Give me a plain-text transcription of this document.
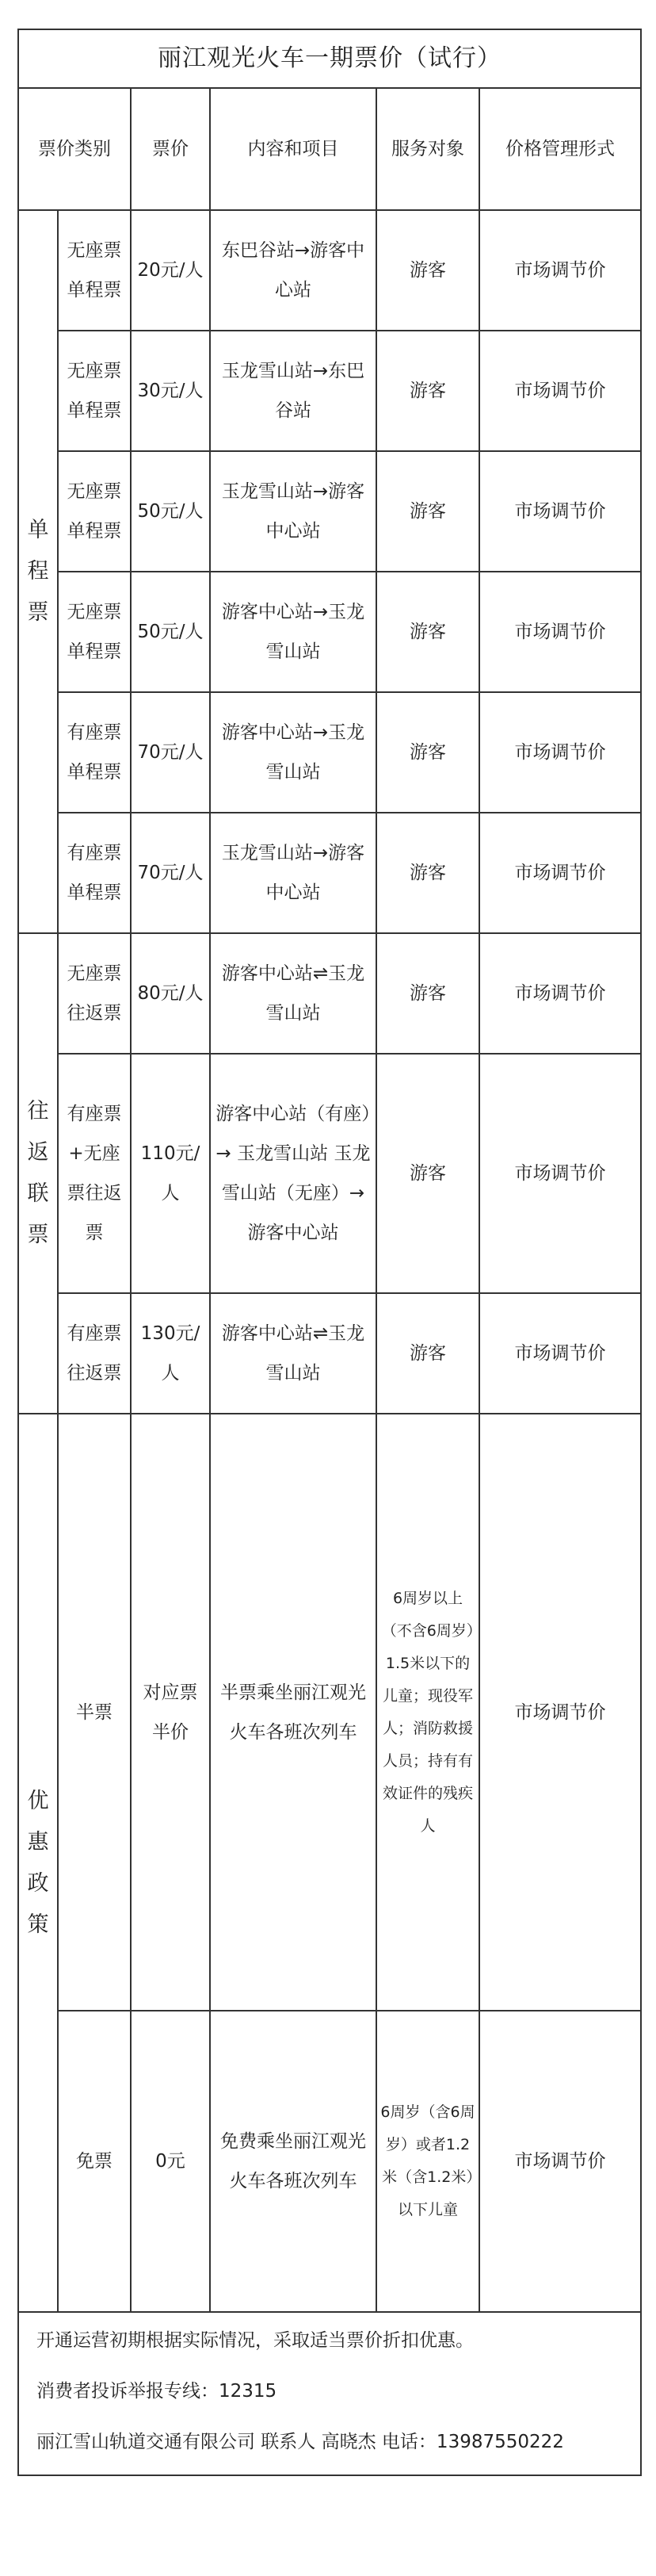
丽江观光火车一期票价（试行）					
票价类别		票价	内容和项目	服务对象	价格管理形式

单
程
票	无座票单程票	20元/人	东巴谷站→游客中心站	游客	市场调节价
	无座票单程票	30元/人	玉龙雪山站→东巴谷站	游客	市场调节价
	无座票单程票	50元/人	玉龙雪山站→游客中心站	游客	市场调节价
	无座票单程票	50元/人	游客中心站→玉龙雪山站	游客	市场调节价
	有座票单程票	70元/人	游客中心站→玉龙雪山站	游客	市场调节价
	有座票单程票	70元/人	玉龙雪山站→游客中心站	游客	市场调节价

往
返
联
票	无座票往返票	80元/人	游客中心站⇌玉龙雪山站	游客	市场调节价
	有座票+无座票往返票	110元/人	游客中心站（有座）→ 玉龙雪山站 玉龙雪山站（无座）→ 游客中心站	游客	市场调节价
	有座票往返票	130元/人	游客中心站⇌玉龙雪山站	游客	市场调节价

优
惠
政
策	半票	对应票半价	半票乘坐丽江观光火车各班次列车	6周岁以上（不含6周岁）1.5米以下的儿童；现役军人；消防救援人员；持有有效证件的残疾人	市场调节价
	免票	0元	免费乘坐丽江观光火车各班次列车	6周岁（含6周岁）或者1.2米（含1.2米）以下儿童	市场调节价

开通运营初期根据实际情况，采取适当票价折扣优惠。

消费者投诉举报专线：12315

丽江雪山轨道交通有限公司 联系人 高晓杰 电话：13987550222					
